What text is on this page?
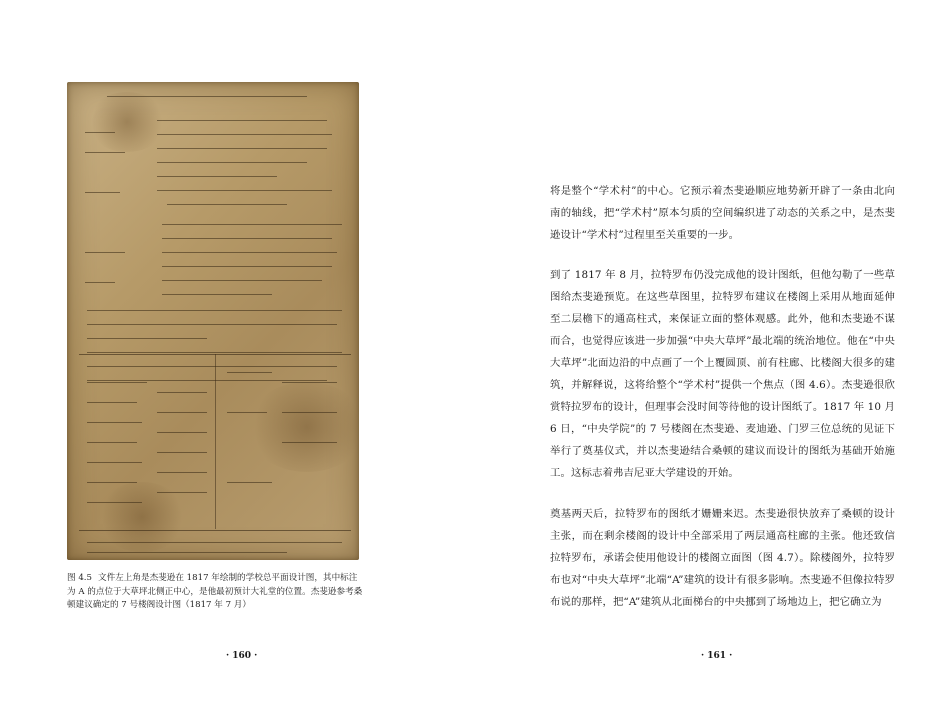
图 4.5 文件左上角是杰斐逊在 1817 年绘制的学校总平面设计图，其中标注为 A 的点位于大草坪北侧正中心，是他最初预计大礼堂的位置。杰斐逊参考桑顿建议确定的 7 号楼阁设计图（1817 年 7 月）
· 160 ·
将是整个“学术村”的中心。它预示着杰斐逊顺应地势新开辟了一条由北向南的轴线，把“学术村”原本匀质的空间编织进了动态的关系之中，是杰斐逊设计“学术村”过程里至关重要的一步。
到了 1817 年 8 月，拉特罗布仍没完成他的设计图纸，但他勾勒了一些草图给杰斐逊预览。在这些草图里，拉特罗布建议在楼阁上采用从地面延伸至二层檐下的通高柱式，来保证立面的整体观感。此外，他和杰斐逊不谋而合，也觉得应该进一步加强“中央大草坪”最北端的统治地位。他在“中央大草坪”北面边沿的中点画了一个上覆圆顶、前有柱廊、比楼阁大很多的建筑，并解释说，这将给整个“学术村”提供一个焦点（图 4.6）。杰斐逊很欣赏特拉罗布的设计，但理事会没时间等待他的设计图纸了。1817 年 10 月 6 日，“中央学院”的 7 号楼阁在杰斐逊、麦迪逊、门罗三位总统的见证下举行了奠基仪式，并以杰斐逊结合桑顿的建议而设计的图纸为基础开始施工。这标志着弗吉尼亚大学建设的开始。
奠基两天后，拉特罗布的图纸才姗姗来迟。杰斐逊很快放弃了桑顿的设计主张，而在剩余楼阁的设计中全部采用了两层通高柱廊的主张。他还致信拉特罗布，承诺会使用他设计的楼阁立面图（图 4.7）。除楼阁外，拉特罗布也对“中央大草坪”北端“A”建筑的设计有很多影响。杰斐逊不但像拉特罗布说的那样，把“A”建筑从北面梯台的中央挪到了场地边上，把它确立为
· 161 ·
